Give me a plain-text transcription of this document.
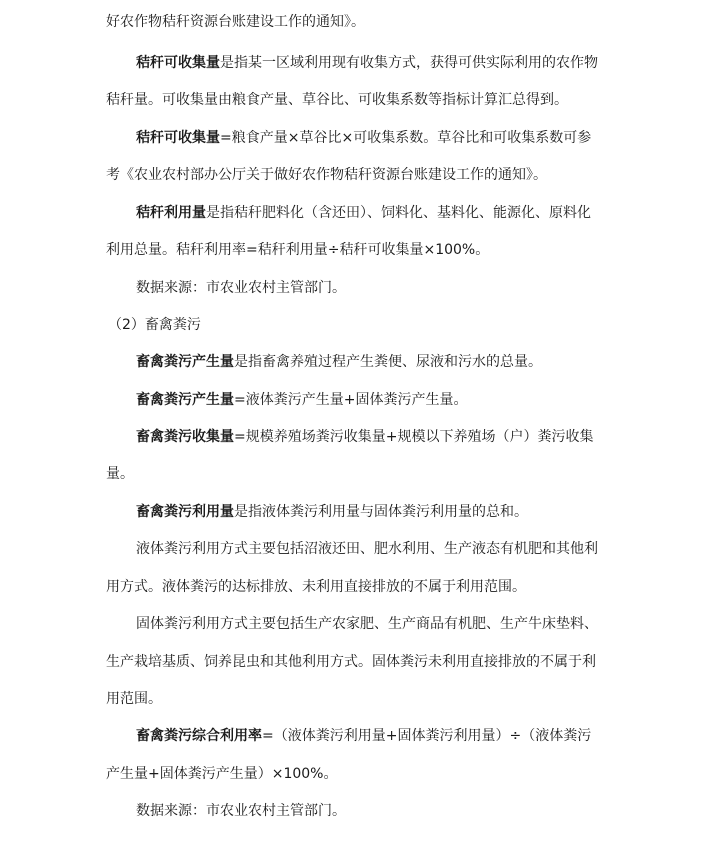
好农作物秸秆资源台账建设工作的通知》。
秸秆可收集量是指某一区域利用现有收集方式，获得可供实际利用的农作物
秸秆量。可收集量由粮食产量、草谷比、可收集系数等指标计算汇总得到。
秸秆可收集量=粮食产量×草谷比×可收集系数。草谷比和可收集系数可参
考《农业农村部办公厅关于做好农作物秸秆资源台账建设工作的通知》。
秸秆利用量是指秸秆肥料化（含还田）、饲料化、基料化、能源化、原料化
利用总量。秸秆利用率=秸秆利用量÷秸秆可收集量×100%。
数据来源：市农业农村主管部门。
（2）畜禽粪污
畜禽粪污产生量是指畜禽养殖过程产生粪便、尿液和污水的总量。
畜禽粪污产生量=液体粪污产生量+固体粪污产生量。
畜禽粪污收集量=规模养殖场粪污收集量+规模以下养殖场（户）粪污收集
量。
畜禽粪污利用量是指液体粪污利用量与固体粪污利用量的总和。
液体粪污利用方式主要包括沼液还田、肥水利用、生产液态有机肥和其他利
用方式。液体粪污的达标排放、未利用直接排放的不属于利用范围。
固体粪污利用方式主要包括生产农家肥、生产商品有机肥、生产牛床垫料、
生产栽培基质、饲养昆虫和其他利用方式。固体粪污未利用直接排放的不属于利
用范围。
畜禽粪污综合利用率=（液体粪污利用量+固体粪污利用量）÷（液体粪污
产生量+固体粪污产生量）×100%。
数据来源：市农业农村主管部门。
